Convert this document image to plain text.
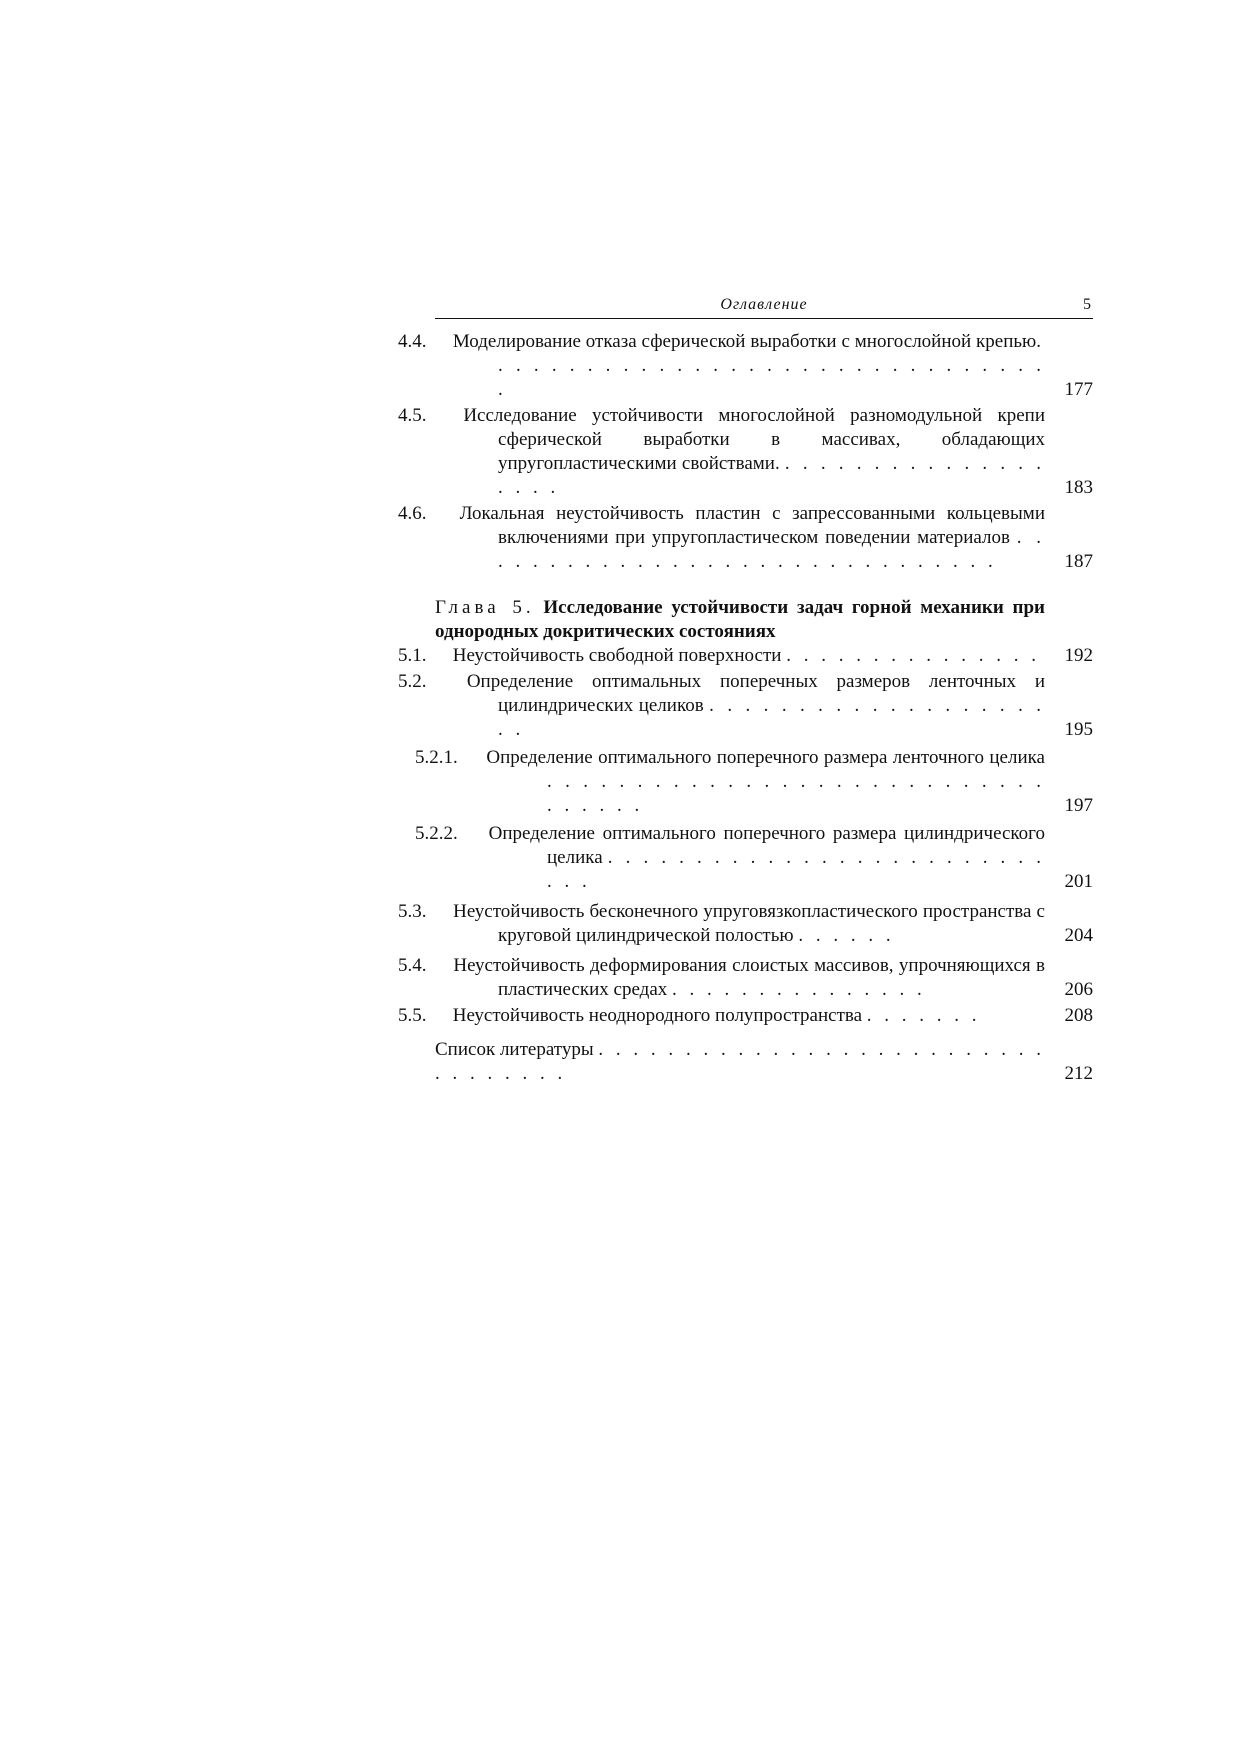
Оглавление	5
4.4. Моделирование отказа сферической выработки с многослойной крепью. . . . . . . . . . . . . . . . . . . . . . . . . . . . . . . . .	177
4.5. Исследование устойчивости многослойной разномодульной крепи сферической выработки в массивах, обладающих упругопластическими свойствами. . . . . . . . . . . . . . . . . . . .	183
4.6. Локальная неустойчивость пластин с запрессованными кольцевыми включениями при упругопластическом поведении материалов . . . . . . . . . . . . . . . . . . . . . . . . . . . . . . .	187
Глава 5. Исследование устойчивости задач горной механики при однородных докритических состояниях
5.1. Неустойчивость свободной поверхности . . . . . . . . . . . . . . . 192
5.2. Определение оптимальных поперечных размеров ленточных и цилиндрических целиков . . . . . . . . . . . . . . . . . . . . .	195
5.2.1. Определение оптимального поперечного размера ленточного целика . . . . . . . . . . . . . . . . . . . . . . . . . . . . . . . . . .	197
5.2.2. Определение оптимального поперечного размера цилиндрического целика . . . . . . . . . . . . . . . . . . . . . . . . . . . .	201
5.3. Неустойчивость бесконечного упруговязкопластического пространства с круговой цилиндрической полостью . . . . . .	204
5.4. Неустойчивость деформирования слоистых массивов, упрочняющихся в пластических средах . . . . . . . . . . . . . . .	206
5.5. Неустойчивость неоднородного полупространства . . . . . . .	208
Список литературы . . . . . . . . . . . . . . . . . . . . . . . . . . . . . . . . . .	212
